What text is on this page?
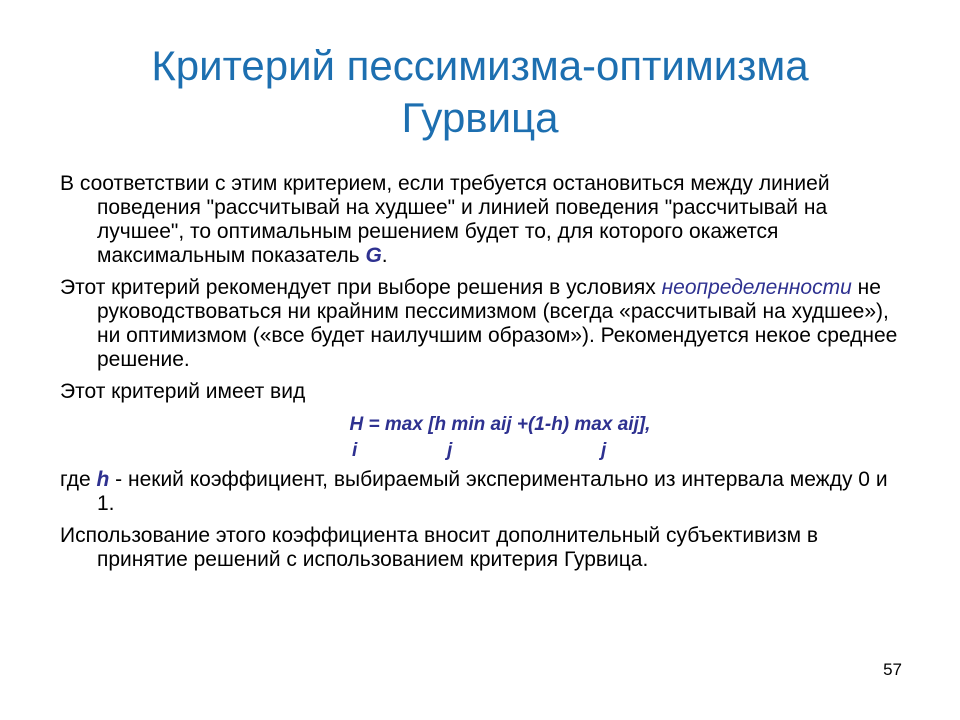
Критерий пессимизма-оптимизма
Гурвица

В соответствии с этим критерием, если требуется остановиться между линией поведения "рассчитывай на худшее" и линией поведения "рассчитывай на лучшее", то оптимальным решением будет то, для которого окажется максимальным показатель G.

Этот критерий рекомендует при выборе решения в условиях неопределенности не руководствоваться ни крайним пессимизмом (всегда «рассчитывай на худшее»), ни оптимизмом («все будет наилучшим образом»). Рекомендуется некое среднее решение.

Этот критерий имеет вид

H = max [h min aij +(1-h) max aij],

i	j	j

где h - некий коэффициент, выбираемый экспериментально из интервала между 0 и 1.

Использование этого коэффициента вносит дополнительный субъективизм в принятие решений с использованием критерия Гурвица.

57
